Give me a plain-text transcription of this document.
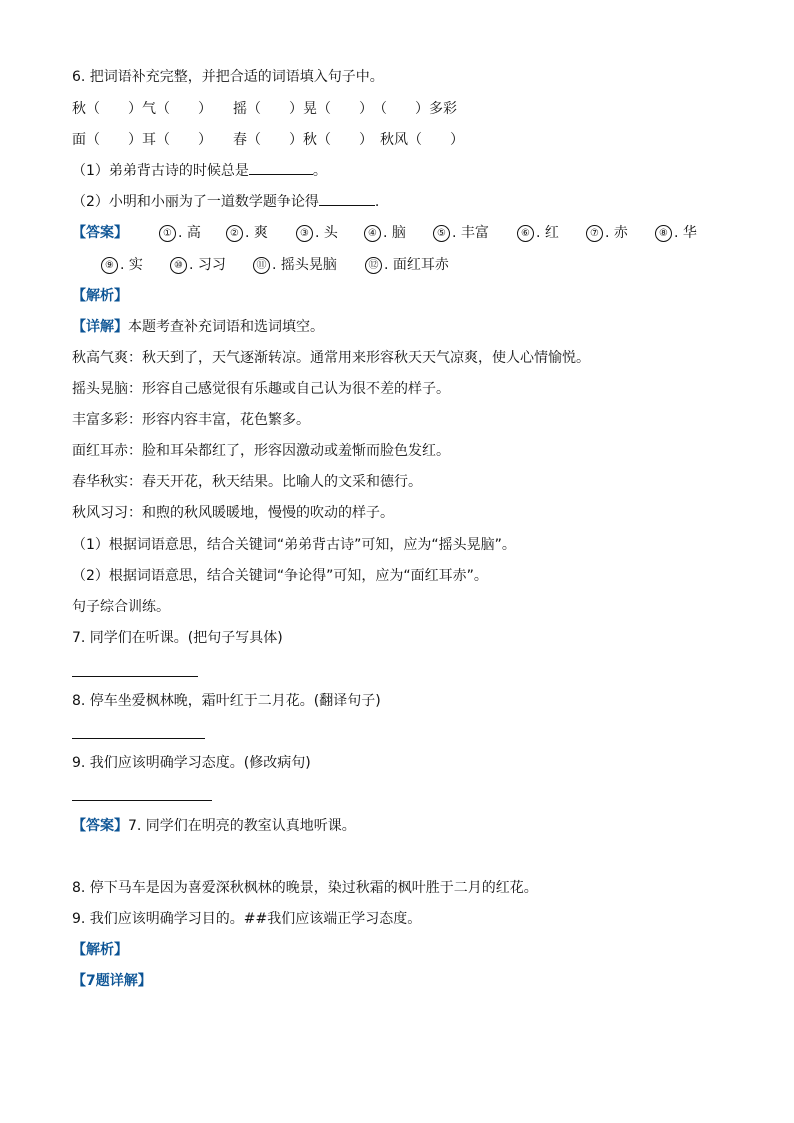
6. 把词语补充完整，并把合适的词语填入句子中。
秋（　　）气（　　）　　摇（　　）晃（　　）　（　　）多彩
面（　　）耳（　　）　　春（　　）秋（　　）　秋风（　　）
（1）弟弟背古诗的时候总是	。
（2）小明和小丽为了一道数学题争论得	.
【答案】	① . 高	② . 爽	③ . 头	④ . 脑	⑤ . 丰富	⑥ . 红	⑦ . 赤	⑧ . 华
⑨ . 实	⑩ . 习习	⑪ . 摇头晃脑	⑫ . 面红耳赤
【解析】
【详解】本题考查补充词语和选词填空。
秋高气爽：秋天到了，天气逐渐转凉。通常用来形容秋天天气凉爽，使人心情愉悦。
摇头晃脑：形容自己感觉很有乐趣或自己认为很不差的样子。
丰富多彩：形容内容丰富，花色繁多。
面红耳赤：脸和耳朵都红了，形容因激动或羞惭而脸色发红。
春华秋实：春天开花，秋天结果。比喻人的文采和德行。
秋风习习：和煦的秋风暖暖地，慢慢的吹动的样子。
（1）根据词语意思，结合关键词“弟弟背古诗”可知，应为“摇头晃脑”。
（2）根据词语意思，结合关键词“争论得”可知，应为“面红耳赤”。
句子综合训练。
7. 同学们在听课。(把句子写具体)
8. 停车坐爱枫林晚，霜叶红于二月花。(翻译句子)
9. 我们应该明确学习态度。(修改病句)
【答案】7. 同学们在明亮的教室认真地听课。
8. 停下马车是因为喜爱深秋枫林的晚景，染过秋霜的枫叶胜于二月的红花。
9. 我们应该明确学习目的。##我们应该端正学习态度。
【解析】
【7题详解】
